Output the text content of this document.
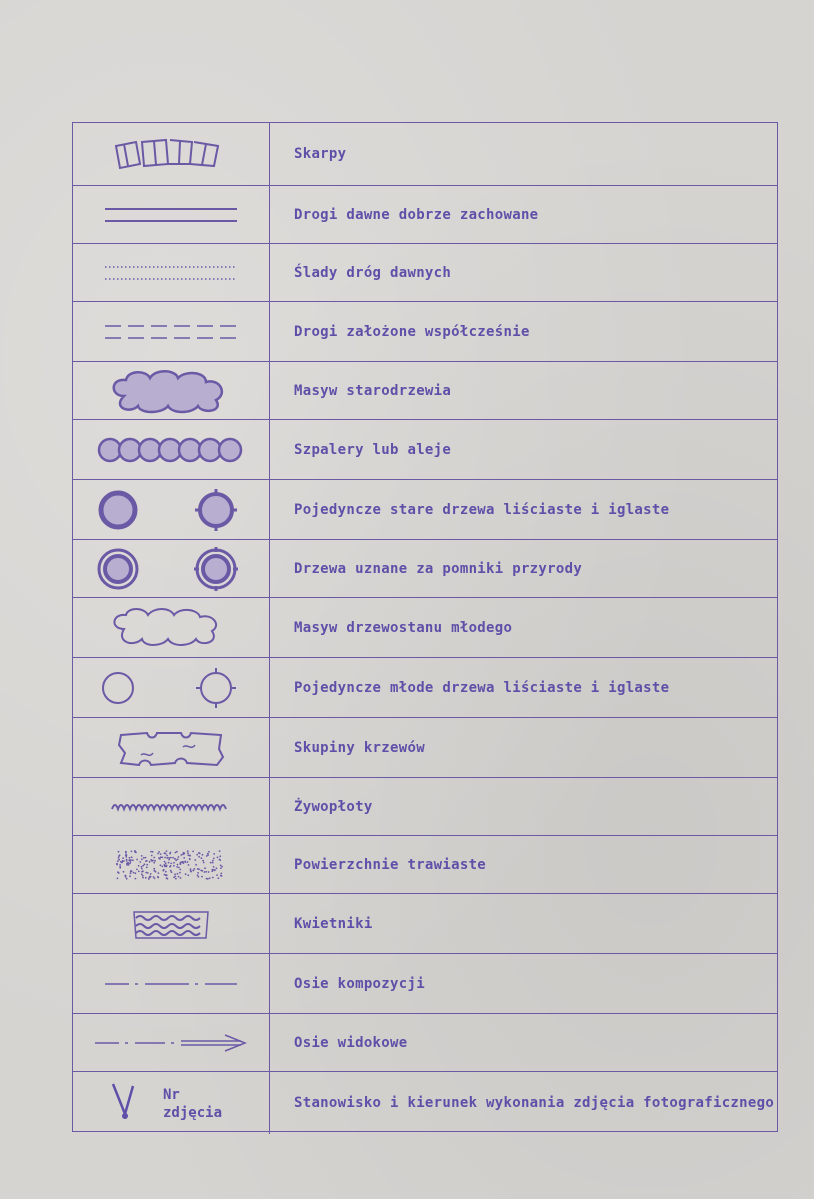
Skarpy
Drogi dawne dobrze zachowane
Ślady dróg dawnych
Drogi założone współcześnie
Masyw starodrzewia
Szpalery lub aleje
Pojedyncze stare drzewa liściaste i iglaste
Drzewa uznane za pomniki przyrody
Masyw drzewostanu młodego
Pojedyncze młode drzewa liściaste i iglaste
Skupiny krzewów
Żywopłoty
Powierzchnie trawiaste
Kwietniki
Osie kompozycji
Osie widokowe
Nr
zdjęcia
Stanowisko i kierunek wykonania zdjęcia fotograficznego
